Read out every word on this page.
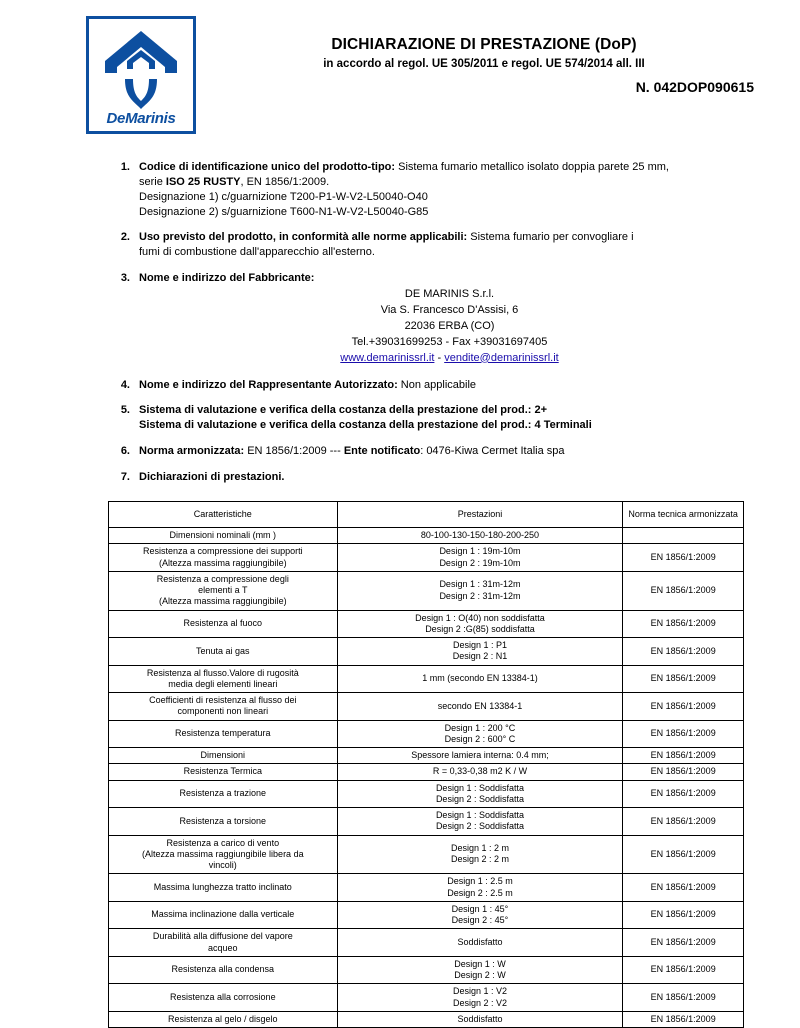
DeMarinis
DICHIARAZIONE DI PRESTAZIONE (DoP)
in accordo al regol. UE 305/2011 e regol. UE 574/2014 all. III
N. 042DOP090615
1. Codice di identificazione unico del prodotto-tipo: Sistema fumario metallico isolato doppia parete 25 mm,
serie ISO 25 RUSTY, EN 1856/1:2009.
Designazione 1) c/guarnizione T200-P1-W-V2-L50040-O40
Designazione 2) s/guarnizione T600-N1-W-V2-L50040-G85
2. Uso previsto del prodotto, in conformità alle norme applicabili: Sistema fumario per convogliare i
fumi di combustione dall'apparecchio all'esterno.
3. Nome e indirizzo del Fabbricante:
DE MARINIS S.r.l.
Via S. Francesco D'Assisi, 6
22036 ERBA (CO)
Tel.+39031699253 - Fax +39031697405
www.demarinissrl.it - vendite@demarinissrl.it
4. Nome e indirizzo del Rappresentante Autorizzato: Non applicabile
5. Sistema di valutazione e verifica della costanza della prestazione del prod.: 2+
Sistema di valutazione e verifica della costanza della prestazione del prod.: 4 Terminali
6. Norma armonizzata: EN 1856/1:2009 --- Ente notificato: 0476-Kiwa Cermet Italia spa
7. Dichiarazioni di prestazioni.
Caratteristiche	Prestazioni	Norma tecnica armonizzata

Dimensioni nominali (mm )	80-100-130-150-180-200-250	

Resistenza a compressione dei supporti
(Altezza massima raggiungibile)	Design 1 : 19m-10m
Design 2 : 19m-10m	EN 1856/1:2009

Resistenza a compressione degli
elementi a T
(Altezza massima raggiungibile)	Design 1 : 31m-12m
Design 2 : 31m-12m	EN 1856/1:2009

Resistenza al fuoco	Design 1 : O(40) non soddisfatta
Design 2 :G(85) soddisfatta	EN 1856/1:2009

Tenuta ai gas	Design 1 : P1
Design 2 : N1	EN 1856/1:2009

Resistenza al flusso.Valore di rugosità
media degli elementi lineari	1 mm (secondo EN 13384-1)	EN 1856/1:2009

Coefficienti di resistenza al flusso dei
componenti non lineari	secondo EN 13384-1	EN 1856/1:2009

Resistenza temperatura	Design 1 : 200 °C
Design 2 : 600° C	EN 1856/1:2009

Dimensioni	Spessore lamiera interna: 0.4 mm;	EN 1856/1:2009

Resistenza Termica	R = 0,33-0,38 m2 K / W	EN 1856/1:2009

Resistenza a trazione	Design 1 : Soddisfatta
Design 2 : Soddisfatta	EN 1856/1:2009

Resistenza a torsione	Design 1 : Soddisfatta
Design 2 : Soddisfatta	EN 1856/1:2009

Resistenza a carico di vento
(Altezza massima raggiungibile libera da
vincoli)	Design 1 : 2 m
Design 2 : 2 m	EN 1856/1:2009

Massima lunghezza tratto inclinato	Design 1 : 2.5 m
Design 2 : 2.5 m	EN 1856/1:2009

Massima inclinazione dalla verticale	Design 1 : 45°
Design 2 : 45°	EN 1856/1:2009

Durabilità alla diffusione del vapore
acqueo	Soddisfatto	EN 1856/1:2009

Resistenza alla condensa	Design 1 : W
Design 2 : W	EN 1856/1:2009

Resistenza alla corrosione	Design 1 : V2
Design 2 : V2	EN 1856/1:2009

Resistenza al gelo / disgelo	Soddisfatto	EN 1856/1:2009
